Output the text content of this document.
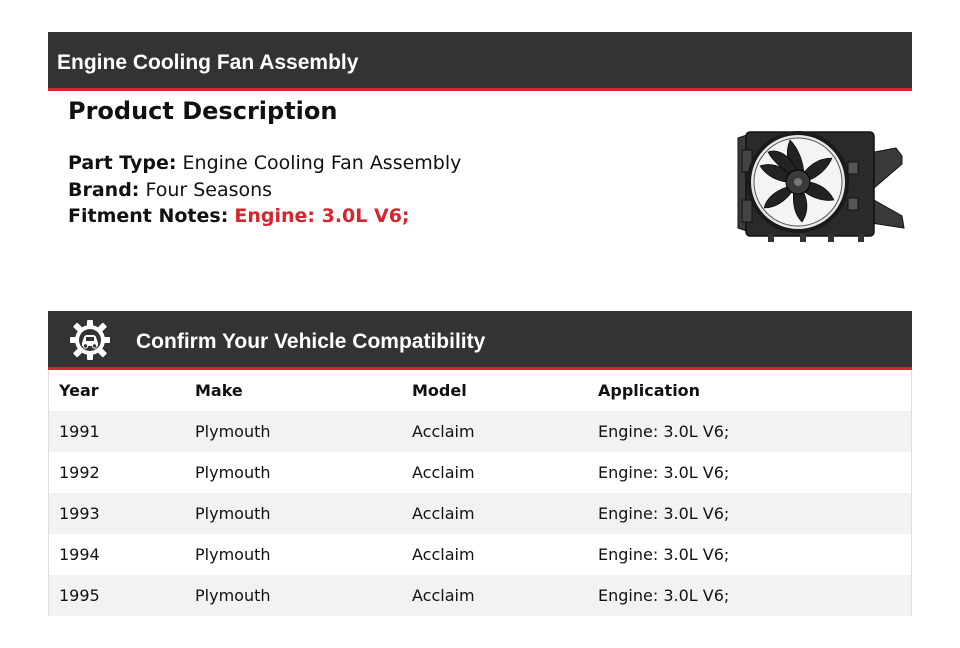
Engine Cooling Fan Assembly
Product Description
Part Type: Engine Cooling Fan Assembly
Brand: Four Seasons
Fitment Notes: Engine: 3.0L V6;
Confirm Your Vehicle Compatibility
Year	Make	Model	Application
1991	Plymouth	Acclaim	Engine: 3.0L V6;
1992	Plymouth	Acclaim	Engine: 3.0L V6;
1993	Plymouth	Acclaim	Engine: 3.0L V6;
1994	Plymouth	Acclaim	Engine: 3.0L V6;
1995	Plymouth	Acclaim	Engine: 3.0L V6;
